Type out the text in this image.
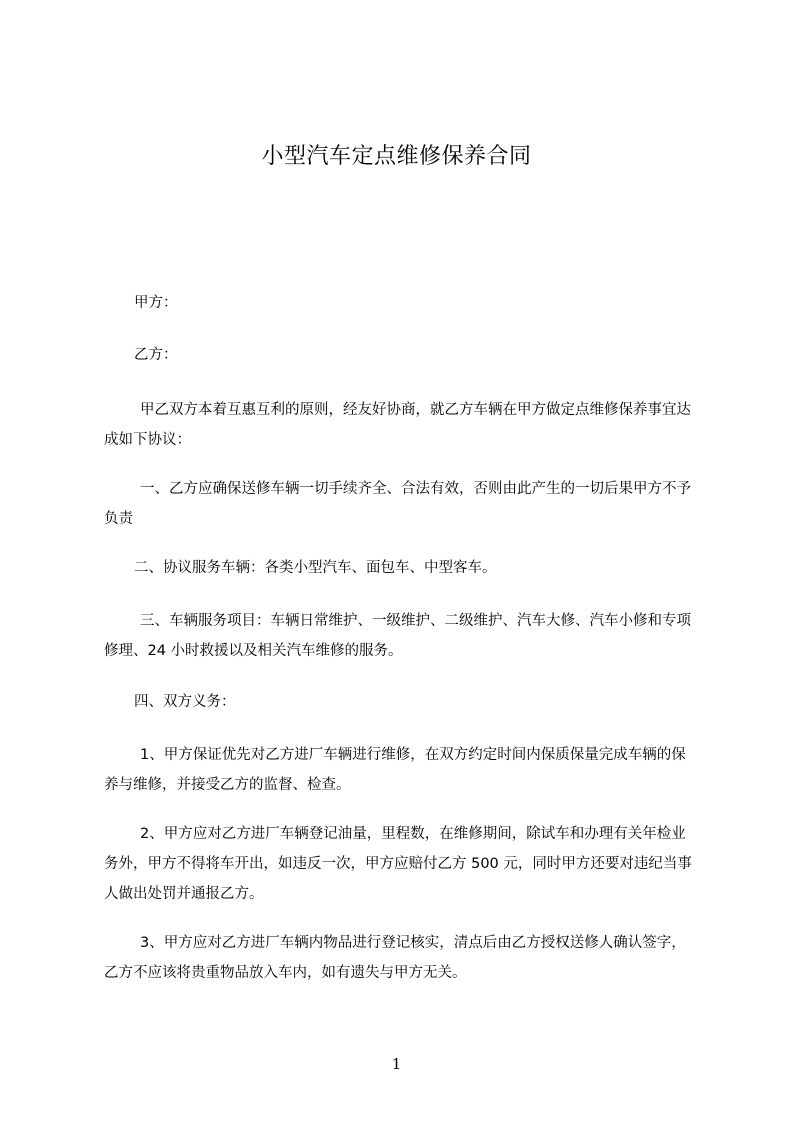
小型汽车定点维修保养合同
甲方：
乙方：
甲乙双方本着互惠互利的原则，经友好协商，就乙方车辆在甲方做定点维修保养事宜达成如下协议：
一、乙方应确保送修车辆一切手续齐全、合法有效，否则由此产生的一切后果甲方不予负责
二、协议服务车辆：各类小型汽车、面包车、中型客车。
三、车辆服务项目：车辆日常维护、一级维护、二级维护、汽车大修、汽车小修和专项修理、24 小时救援以及相关汽车维修的服务。
四、双方义务：
1、甲方保证优先对乙方进厂车辆进行维修，在双方约定时间内保质保量完成车辆的保养与维修，并接受乙方的监督、检查。
2、甲方应对乙方进厂车辆登记油量，里程数，在维修期间，除试车和办理有关年检业务外，甲方不得将车开出，如违反一次，甲方应赔付乙方 500 元，同时甲方还要对违纪当事人做出处罚并通报乙方。
3、甲方应对乙方进厂车辆内物品进行登记核实，清点后由乙方授权送修人确认签字，乙方不应该将贵重物品放入车内，如有遗失与甲方无关。
1
